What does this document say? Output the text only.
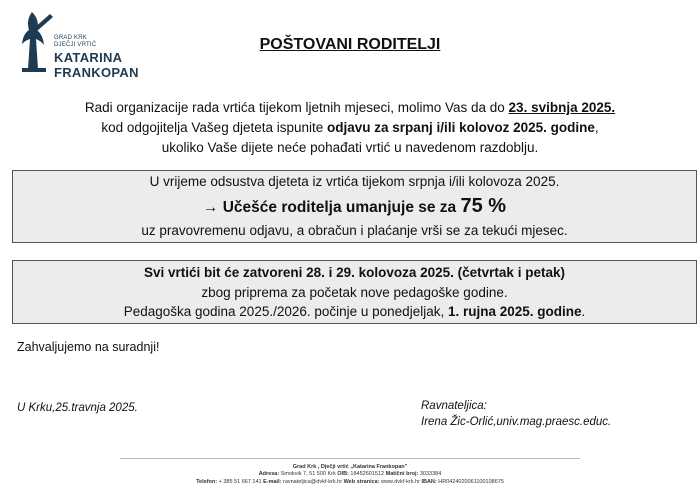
GRAD KRK
DJEČJI VRTIĆ
KATARINA
FRANKOPAN
POŠTOVANI RODITELJI
Radi organizacije rada vrtića tijekom ljetnih mjeseci, molimo Vas da do 23. svibnja 2025.
kod odgojitelja Vašeg djeteta ispunite odjavu za srpanj i/ili kolovoz 2025. godine,
ukoliko Vaše dijete neće pohađati vrtić u navedenom razdoblju.
U vrijeme odsustva djeteta iz vrtića tijekom srpnja i/ili kolovoza 2025.
→ Učešće roditelja umanjuje se za 75 %
uz pravovremenu odjavu, a obračun i plaćanje vrši se za tekući mjesec.
Svi vrtići bit će zatvoreni 28. i 29. kolovoza 2025. (četvrtak i petak)
zbog priprema za početak nove pedagoške godine.
Pedagoška godina 2025./2026. počinje u ponedjeljak, 1. rujna 2025. godine.
Zahvaljujemo na suradnji!
U Krku,25.travnja 2025.	Ravnateljica:
Irena Žic-Orlić,univ.mag.praesc.educ.
Grad Krk , Dječji vrtić „Katarina Frankopan"
Adresa: Smokvik 7, 51 500 Krk OIB: 18452601512 Matični broj: 3033384
Telefon: + 385 51 667 141 E-mail: ravnateljica@dvkf-krk.hr Web stranica: www.dvkf-krk.hr IBAN: HR0424020061100108675
